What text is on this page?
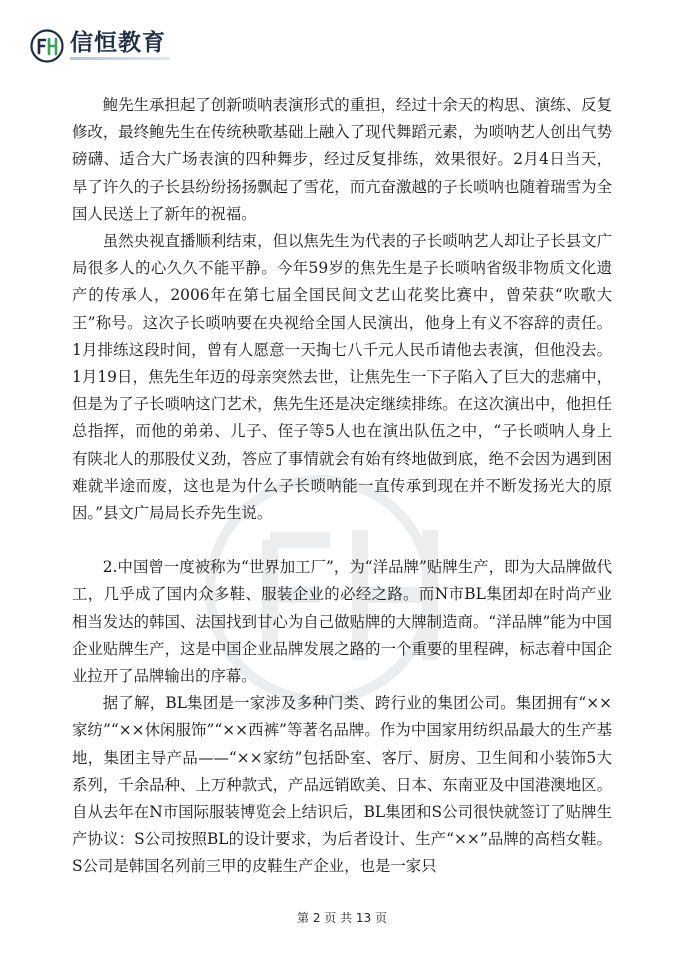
信恒教育

鲍先生承担起了创新唢呐表演形式的重担，经过十余天的构思、演练、反复修改，最终鲍先生在传统秧歌基础上融入了现代舞蹈元素，为唢呐艺人创出气势磅礴、适合大广场表演的四种舞步，经过反复排练，效果很好。2月4日当天，旱了许久的子长县纷纷扬扬飘起了雪花，而亢奋激越的子长唢呐也随着瑞雪为全国人民送上了新年的祝福。

虽然央视直播顺利结束，但以焦先生为代表的子长唢呐艺人却让子长县文广局很多人的心久久不能平静。今年59岁的焦先生是子长唢呐省级非物质文化遗产的传承人，2006年在第七届全国民间文艺山花奖比赛中，曾荣获“吹歌大王”称号。这次子长唢呐要在央视给全国人民演出，他身上有义不容辞的责任。1月排练这段时间，曾有人愿意一天掏七八千元人民币请他去表演，但他没去。1月19日，焦先生年迈的母亲突然去世，让焦先生一下子陷入了巨大的悲痛中，但是为了子长唢呐这门艺术，焦先生还是决定继续排练。在这次演出中，他担任总指挥，而他的弟弟、儿子、侄子等5人也在演出队伍之中，“子长唢呐人身上有陕北人的那股仗义劲，答应了事情就会有始有终地做到底，绝不会因为遇到困难就半途而废，这也是为什么子长唢呐能一直传承到现在并不断发扬光大的原因。”县文广局局长乔先生说。

2.中国曾一度被称为“世界加工厂”，为“洋品牌”贴牌生产，即为大品牌做代工，几乎成了国内众多鞋、服装企业的必经之路。而N市BL集团却在时尚产业相当发达的韩国、法国找到甘心为自己做贴牌的大牌制造商。“洋品牌”能为中国企业贴牌生产，这是中国企业品牌发展之路的一个重要的里程碑，标志着中国企业拉开了品牌输出的序幕。

据了解，BL集团是一家涉及多种门类、跨行业的集团公司。集团拥有“××家纺”“××休闲服饰”“××西裤”等著名品牌。作为中国家用纺织品最大的生产基地，集团主导产品——“××家纺”包括卧室、客厅、厨房、卫生间和小装饰5大系列，千余品种、上万种款式，产品远销欧美、日本、东南亚及中国港澳地区。自从去年在N市国际服装博览会上结识后，BL集团和S公司很快就签订了贴牌生产协议：S公司按照BL的设计要求，为后者设计、生产“××”品牌的高档女鞋。S公司是韩国名列前三甲的皮鞋生产企业，也是一家只

第 2 页 共 13 页
